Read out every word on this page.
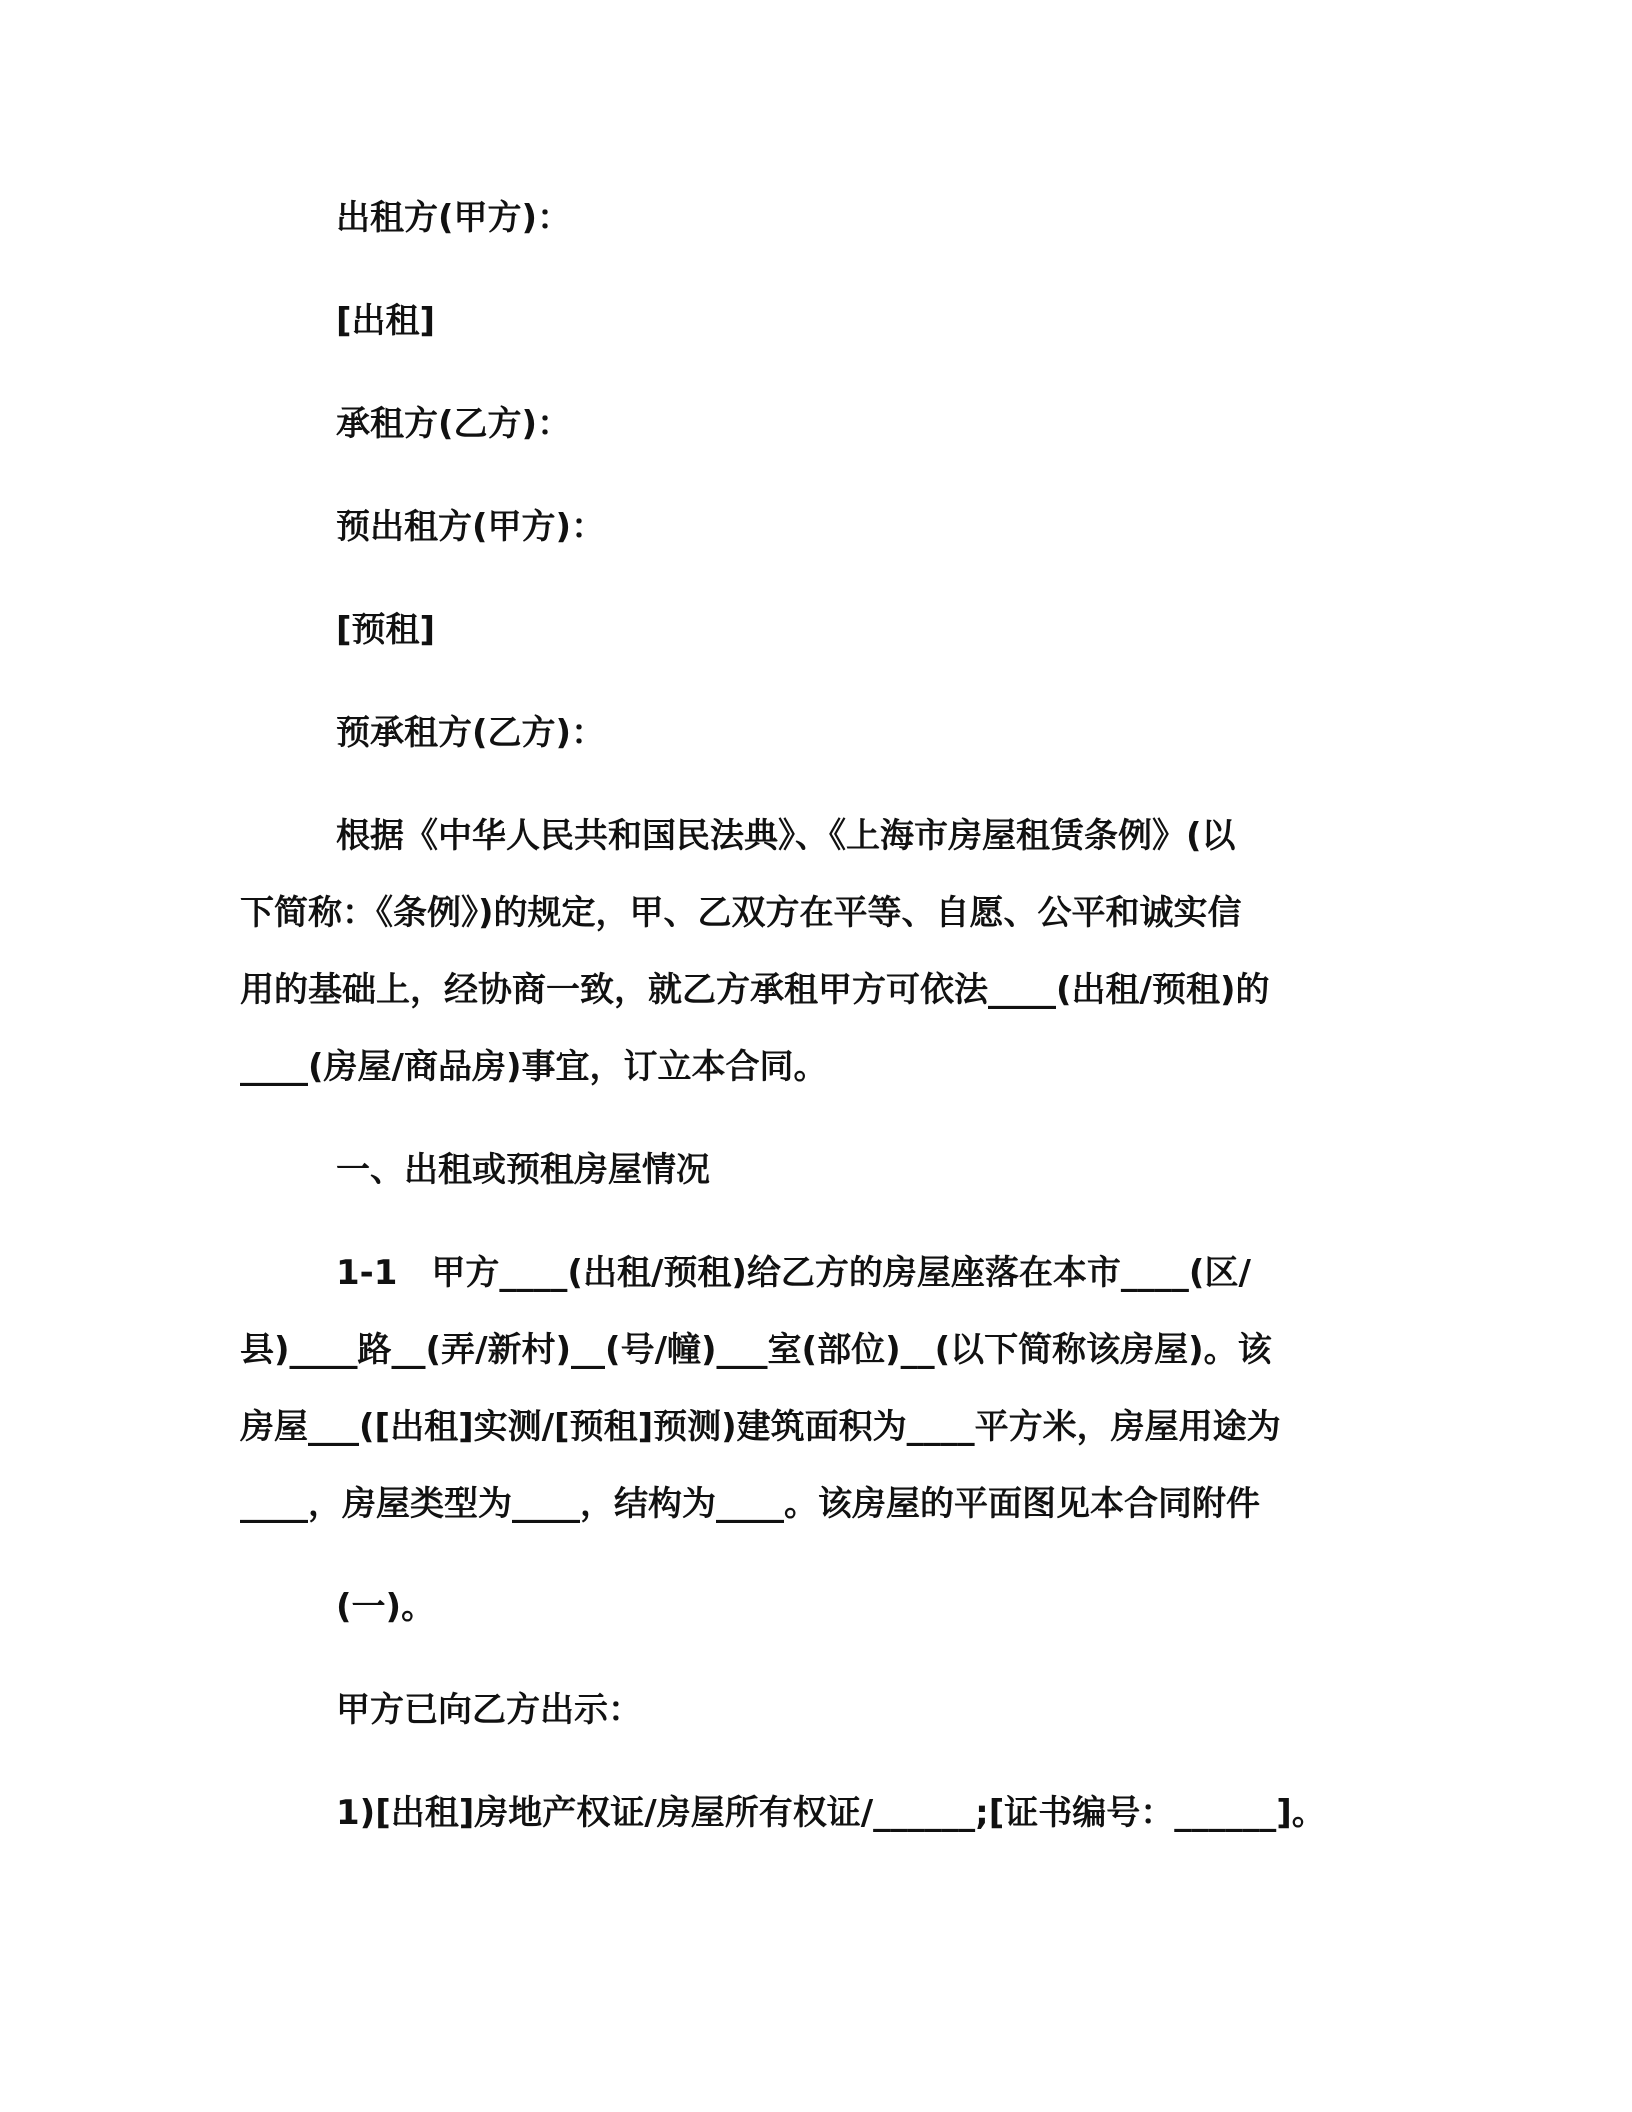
出租方(甲方)：

[出租]

承租方(乙方)：

预出租方(甲方)：

[预租]

预承租方(乙方)：

根据《中华人民共和国民法典》、《上海市房屋租赁条例》(以

下简称：《条例》)的规定，甲、乙双方在平等、自愿、公平和诚实信

用的基础上，经协商一致，就乙方承租甲方可依法____(出租/预租)的

____(房屋/商品房)事宜，订立本合同。

一、出租或预租房屋情况

1-1　甲方____(出租/预租)给乙方的房屋座落在本市____(区/

县)____路__(弄/新村)__(号/幢)___室(部位)__(以下简称该房屋)。该

房屋___([出租]实测/[预租]预测)建筑面积为____平方米，房屋用途为

____，房屋类型为____，结构为____。该房屋的平面图见本合同附件

(一)。

甲方已向乙方出示：

1)[出租]房地产权证/房屋所有权证/______;[证书编号：______]。
